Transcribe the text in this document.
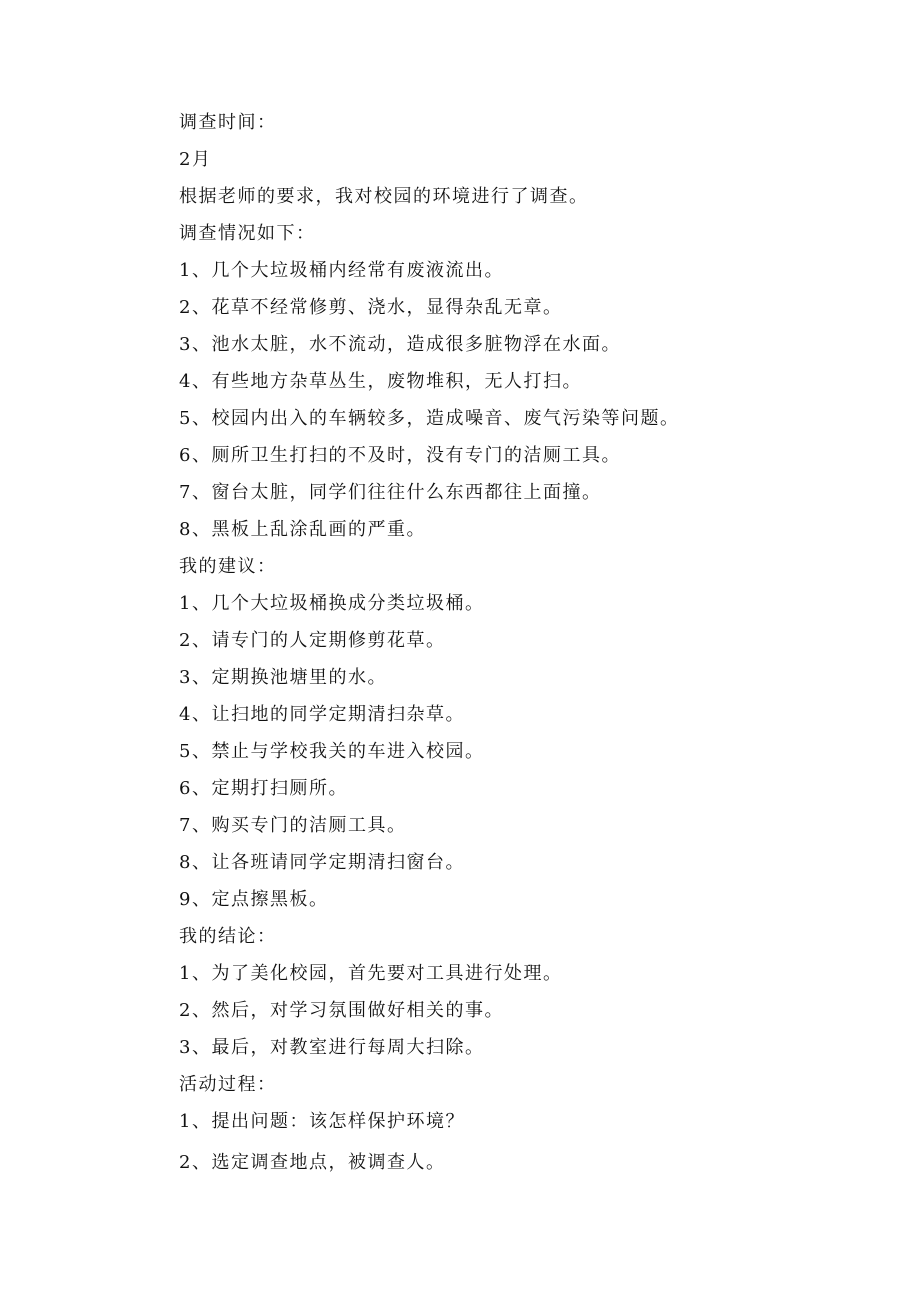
调查时间：
2月
根据老师的要求，我对校园的环境进行了调查。
调查情况如下：
1、几个大垃圾桶内经常有废液流出。
2、花草不经常修剪、浇水，显得杂乱无章。
3、池水太脏，水不流动，造成很多脏物浮在水面。
4、有些地方杂草丛生，废物堆积，无人打扫。
5、校园内出入的车辆较多，造成噪音、废气污染等问题。
6、厕所卫生打扫的不及时，没有专门的洁厕工具。
7、窗台太脏，同学们往往什么东西都往上面撞。
8、黑板上乱涂乱画的严重。
我的建议：
1、几个大垃圾桶换成分类垃圾桶。
2、请专门的人定期修剪花草。
3、定期换池塘里的水。
4、让扫地的同学定期清扫杂草。
5、禁止与学校我关的车进入校园。
6、定期打扫厕所。
7、购买专门的洁厕工具。
8、让各班请同学定期清扫窗台。
9、定点擦黑板。
我的结论：
1、为了美化校园，首先要对工具进行处理。
2、然后，对学习氛围做好相关的事。
3、最后，对教室进行每周大扫除。
活动过程：
1、提出问题：该怎样保护环境？
2、选定调查地点，被调查人。
